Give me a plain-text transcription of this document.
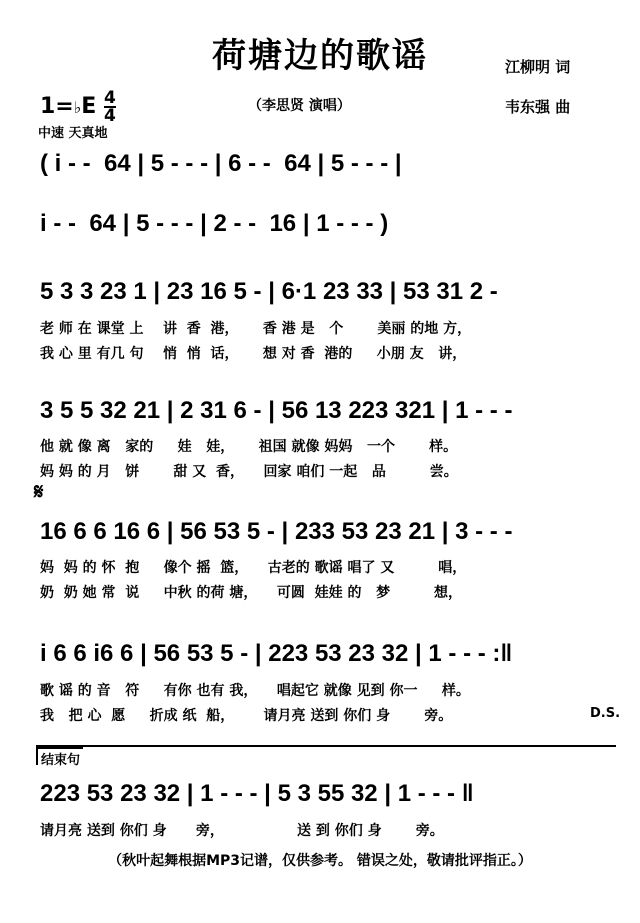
荷塘边的歌谣	江柳明 词
（李思贤 演唱）	韦东强 曲
1=♭E $\frac{4}{4}$
中速 天真地
𝄋
( i - -  64 | 5 - - - | 6 - -  64 | 5 - - - |
i - -  64 | 5 - - - | 2 - -  16 | 1 - - - )
5 3 3 23 1 | 23 16 5 - | 6·1 23 33 | 53 31 2 -
3 5 5 32 21 | 2 31 6 - | 56 13 223 321 | 1 - - -
16 6 6 16 6 | 56 53 5 - | 233 53 23 21 | 3 - - -
i 6 6 i6 6 | 56 53 5 - | 223 53 23 32 | 1 - - - :‖
223 53 23 32 | 1 - - - | 5 3 55 32 | 1 - - - ‖
老 师 在 课堂 上    讲  香  港，     香 港 是   个       美丽 的地 方，
我 心 里 有几 句    悄  悄  话，     想 对 香  港的     小朋 友   讲，
他 就 像 离   家的     娃   娃，     祖国 就像 妈妈   一个       样。
妈 妈 的 月   饼       甜 又  香，    回家 咱们 一起   品         尝。
妈  妈 的 怀  抱     像个 摇  篮，    古老的 歌谣 唱了 又         唱，
奶  奶 她 常  说     中秋 的荷 塘，    可圆  娃娃 的   梦         想，
歌 谣 的 音   符     有你 也有 我，    唱起它 就像 见到 你一     样。
我   把 心  愿     折成 纸  船，      请月亮 送到 你们 身       旁。
请月亮 送到 你们 身      旁，               送 到 你们 身       旁。
结束句
D.S.
（秋叶起舞根据MP3记谱，仅供参考。 错误之处，敬请批评指正。）
